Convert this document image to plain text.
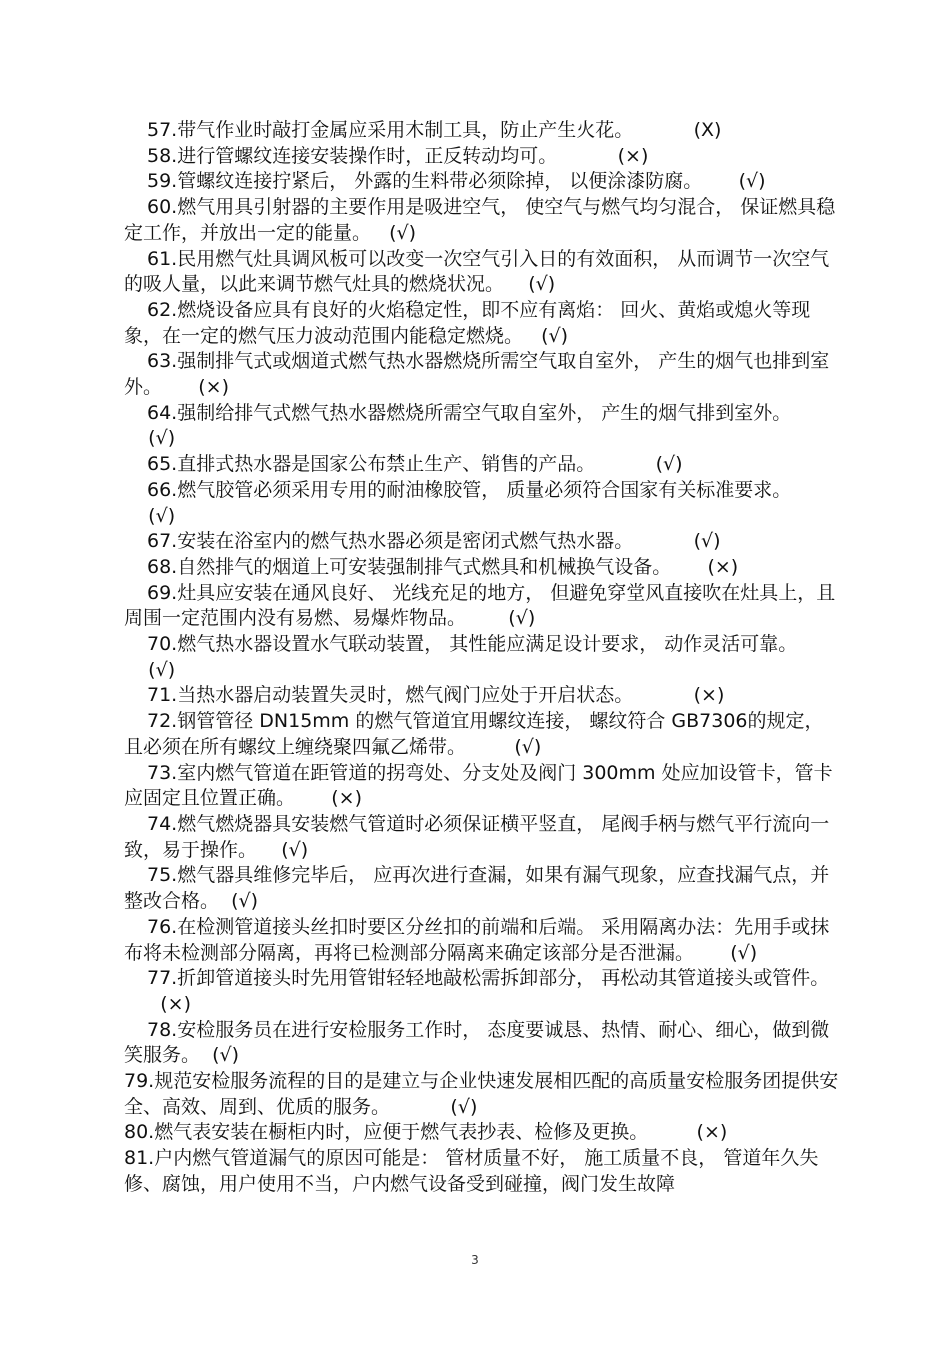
57.带气作业时敲打金属应采用木制工具，防止产生火花。	(X)
58.进行管螺纹连接安装操作时，正反转动均可。	(×)
59.管螺纹连接拧紧后， 外露的生料带必须除掉， 以便涂漆防腐。 (√)
60.燃气用具引射器的主要作用是吸进空气， 使空气与燃气均匀混合， 保证燃具稳定工作，并放出一定的能量。 (√)
61.民用燃气灶具调风板可以改变一次空气引入日的有效面积， 从而调节一次空气的吸人量，以此来调节燃气灶具的燃烧状况。 (√)
62.燃烧设备应具有良好的火焰稳定性，即不应有离焰： 回火、黄焰或熄火等现象，在一定的燃气压力波动范围内能稳定燃烧。 (√)
63.强制排气式或烟道式燃气热水器燃烧所需空气取自室外， 产生的烟气也排到室外。 (×)
64.强制给排气式燃气热水器燃烧所需空气取自室外， 产生的烟气排到室外。    (√)
65.直排式热水器是国家公布禁止生产、销售的产品。	(√)
66.燃气胶管必须采用专用的耐油橡胶管， 质量必须符合国家有关标准要求。    (√)
67.安装在浴室内的燃气热水器必须是密闭式燃气热水器。	(√)
68.自然排气的烟道上可安装强制排气式燃具和机械换气设备。 (×)
69.灶具应安装在通风良好、 光线充足的地方， 但避免穿堂风直接吹在灶具上，且周围一定范围内没有易燃、易爆炸物品。 (√)
70.燃气热水器设置水气联动装置， 其性能应满足设计要求， 动作灵活可靠。    (√)
71.当热水器启动装置失灵时，燃气阀门应处于开启状态。	(×)
72.钢管管径 DN15mm 的燃气管道宜用螺纹连接， 螺纹符合 GB7306的规定，且必须在所有螺纹上缠绕聚四氟乙烯带。	(√)
73.室内燃气管道在距管道的拐弯处、分支处及阀门 300mm 处应加设管卡，管卡应固定且位置正确。 (×)
74.燃气燃烧器具安装燃气管道时必须保证横平竖直， 尾阀手柄与燃气平行流向一致，易于操作。 (√)
75.燃气器具维修完毕后， 应再次进行查漏，如果有漏气现象，应查找漏气点，并整改合格。 (√)
76.在检测管道接头丝扣时要区分丝扣的前端和后端。 采用隔离办法：先用手或抹布将未检测部分隔离，再将已检测部分隔离来确定该部分是否泄漏。 (√)
77.折卸管道接头时先用管钳轻轻地敲松需拆卸部分， 再松动其管道接头或管件。      (×)
78.安检服务员在进行安检服务工作时， 态度要诚恳、热情、耐心、细心，做到微笑服务。 (√)
79.规范安检服务流程的目的是建立与企业快速发展相匹配的高质量安检服务团提供安全、高效、周到、优质的服务。	(√)
80.燃气表安装在橱柜内时，应便于燃气表抄表、检修及更换。	(×)
81.户内燃气管道漏气的原因可能是： 管材质量不好， 施工质量不良， 管道年久失修、腐蚀，用户使用不当，户内燃气设备受到碰撞，阀门发生故障
3
